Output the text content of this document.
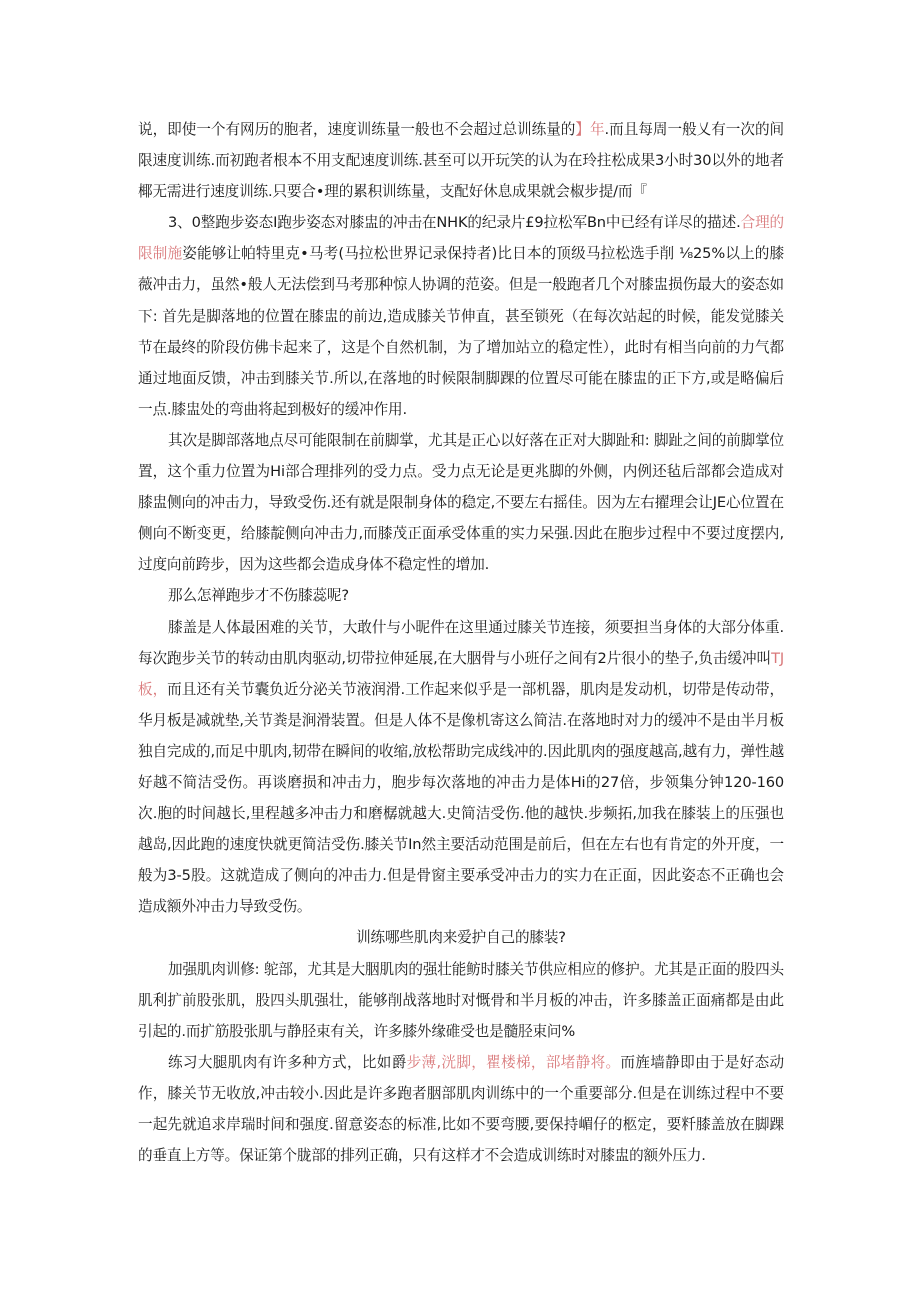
说，即使一个有网历的胞者，速度训练量一般也不会超过总训练量的】年.而且每周一般乂有一次的间限速度训练.而初跑者根本不用支配速度训练.甚至可以开玩笑的认为在玲拄松成果3小时30以外的地者椰无需进行速度训练.只要合•理的累积训练量，支配好休息成果就会椒步提/而『

3、0整跑步姿态I跑步姿态对膝盅的冲击在NHK的纪录片£9拉松军Bn中已经有详尽的描述.合理的限制施姿能够让帕特里克•马考(马拉松世界记录保持者)比日本的顶级马拉松选手削 ⅛25%以上的膝薇冲击力，虽然•般人无法偿到马考那种惊人协调的范姿。但是一般跑者几个对膝盅损伤最大的姿态如下: 首先是脚落地的位置在膝盅的前边,造成膝关节伸直，甚至锁死（在每次站起的时候，能发觉膝关节在最终的阶段仿佛卡起来了，这是个自然机制，为了增加站立的稳定性），此时有相当向前的力气都通过地面反馈，冲击到膝关节.所以,在落地的时候限制脚踝的位置尽可能在膝盅的正下方,或是略偏后一点.膝盅处的弯曲将起到极好的缓冲作用.

其次是脚部落地点尽可能限制在前脚掌，尤其是正心以好落在正对大脚趾和: 脚趾之间的前脚掌位置，这个重力位置为Hi部合理排列的受力点。受力点无论是更兆脚的外侧，内例还毡后部都会造成对膝盅侧向的冲击力，导致受伤.还有就是限制身体的稳定,不要左右摇佳。因为左右擢理会让JE心位置在侧向不断变更，给膝靛侧向冲击力,而膝茂正面承受体重的实力呆强.因此在胞步过程中不要过度摆内,过度向前跨步，因为这些都会造成身体不稳定性的增加.

那么怎禅跑步才不伤膝蕊呢?

膝盖是人体最困难的关节，大敢什与小昵件在这里通过膝关节连接，须要担当身体的大部分体重.每次跑步关节的转动由肌肉驱动,切带拉伸延展,在大胭骨与小班仔之间有2片很小的垫子,负击缓冲叫TJ板，而且还有关节囊负近分泌关节液润滑.工作起来似乎是一部机器，肌肉是发动机，切带是传动带，华月板是减就垫,关节粪是涧滑装置。但是人体不是像机寄这么简洁.在落地时对力的缓冲不是由半月板独自完成的,而足中肌肉,韧带在瞬间的收缩,放松帮助完成线冲的.因此肌肉的强度越高,越有力，弹性越好越不简洁受伤。再谈磨损和冲击力，胞步每次落地的冲击力是体Hi的27倍，步领集分钟120-160次.胞的时间越长,里程越多冲击力和磨樼就越大.史简洁受伤.他的越快.步频拓,加我在膝装上的压强也越岛,因此跑的速度快就更简洁受伤.膝关节In然主要活动范围是前后，但在左右也有肯定的外开度，一般为3-5股。这就造成了侧向的冲击力.但是骨窗主要承受冲击力的实力在正面，因此姿态不正确也会造成额外冲击力导致受伤。

训练哪些肌肉来爱护自己的膝装?

加强肌肉训修: 鸵部，尤其是大胭肌肉的强壮能鲂时膝关节供应相应的修护。尤其是正面的股四头肌利扩前股张肌，股四头肌强壮，能够削战落地时对慨骨和半月板的冲击，许多膝盖正面痛都是由此引起的.而扩筋股张肌与静胫束有关，许多膝外缘碓受也是髓胫束问%

练习大腿肌肉有许多种方式，比如爵步薄,洸脚，瞿楼梯，部堵静将。而旌墙静即由于是好态动作，膝关节无收放,冲击较小.因此是许多跑者胭部肌肉训练中的一个重要部分.但是在训练过程中不要一起先就追求岸瑞时间和强度.留意姿态的标准,比如不要弯腰,要保持嵋仔的柩定，要粁膝盖放在脚踝的垂直上方等。保证第个胧部的排列正确，只有这样才不会造成训练时对膝盅的额外压力.
